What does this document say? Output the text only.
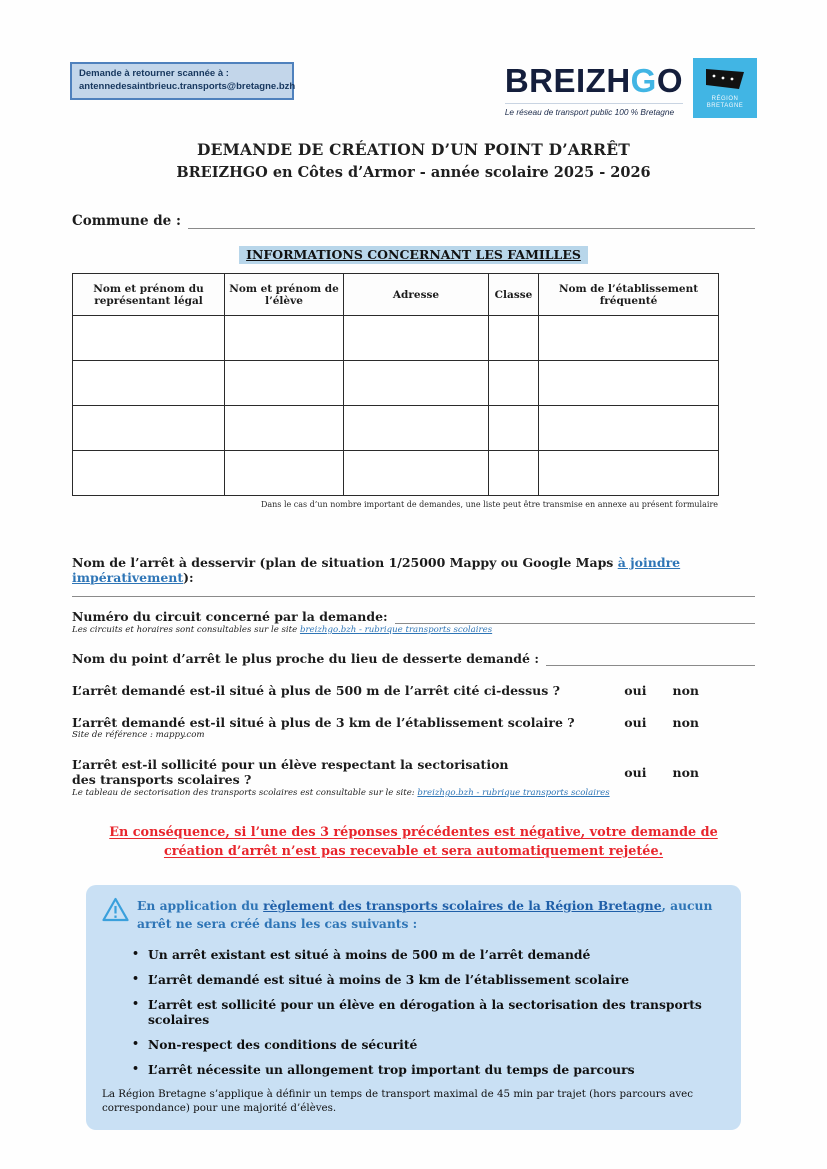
Demande à retourner scannée à :
antennedesaintbrieuc.transports@bretagne.bzh	BREIZHGO
Le réseau de transport public 100 % Bretagne
RÉGION
BRETAGNE
DEMANDE DE CRÉATION D’UN POINT D’ARRÊT
BREIZHGO en Côtes d’Armor - année scolaire 2025 - 2026
Commune de :
INFORMATIONS CONCERNANT LES FAMILLES
Nom et prénom du représentant légal	Nom et prénom de l’élève	Adresse	Classe	Nom de l’établissement fréquenté

Dans le cas d’un nombre important de demandes, une liste peut être transmise en annexe au présent formulaire
Nom de l’arrêt à desservir (plan de situation 1/25000 Mappy ou Google Maps à joindre impérativement):
Numéro du circuit concerné par la demande:
Les circuits et horaires sont consultables sur le site breizhgo.bzh - rubrique transports scolaires
Nom du point d’arrêt le plus proche du lieu de desserte demandé :
L’arrêt demandé est-il situé à plus de 500 m de l’arrêt cité ci-dessus ?	oui non
L’arrêt demandé est-il situé à plus de 3 km de l’établissement scolaire ?	oui non
Site de référence : mappy.com
L’arrêt est-il sollicité pour un élève respectant la sectorisation
des transports scolaires ?	oui non
Le tableau de sectorisation des transports scolaires est consultable sur le site: breizhgo.bzh - rubrique transports scolaires
En conséquence, si l’une des 3 réponses précédentes est négative, votre demande de création d’arrêt n’est pas recevable et sera automatiquement rejetée.
En application du règlement des transports scolaires de la Région Bretagne, aucun arrêt ne sera créé dans les cas suivants :
• Un arrêt existant est situé à moins de 500 m de l’arrêt demandé
• L’arrêt demandé est situé à moins de 3 km de l’établissement scolaire
• L’arrêt est sollicité pour un élève en dérogation à la sectorisation des transports scolaires
• Non-respect des conditions de sécurité
• L’arrêt nécessite un allongement trop important du temps de parcours
La Région Bretagne s’applique à définir un temps de transport maximal de 45 min par trajet (hors parcours avec correspondance) pour une majorité d’élèves.
